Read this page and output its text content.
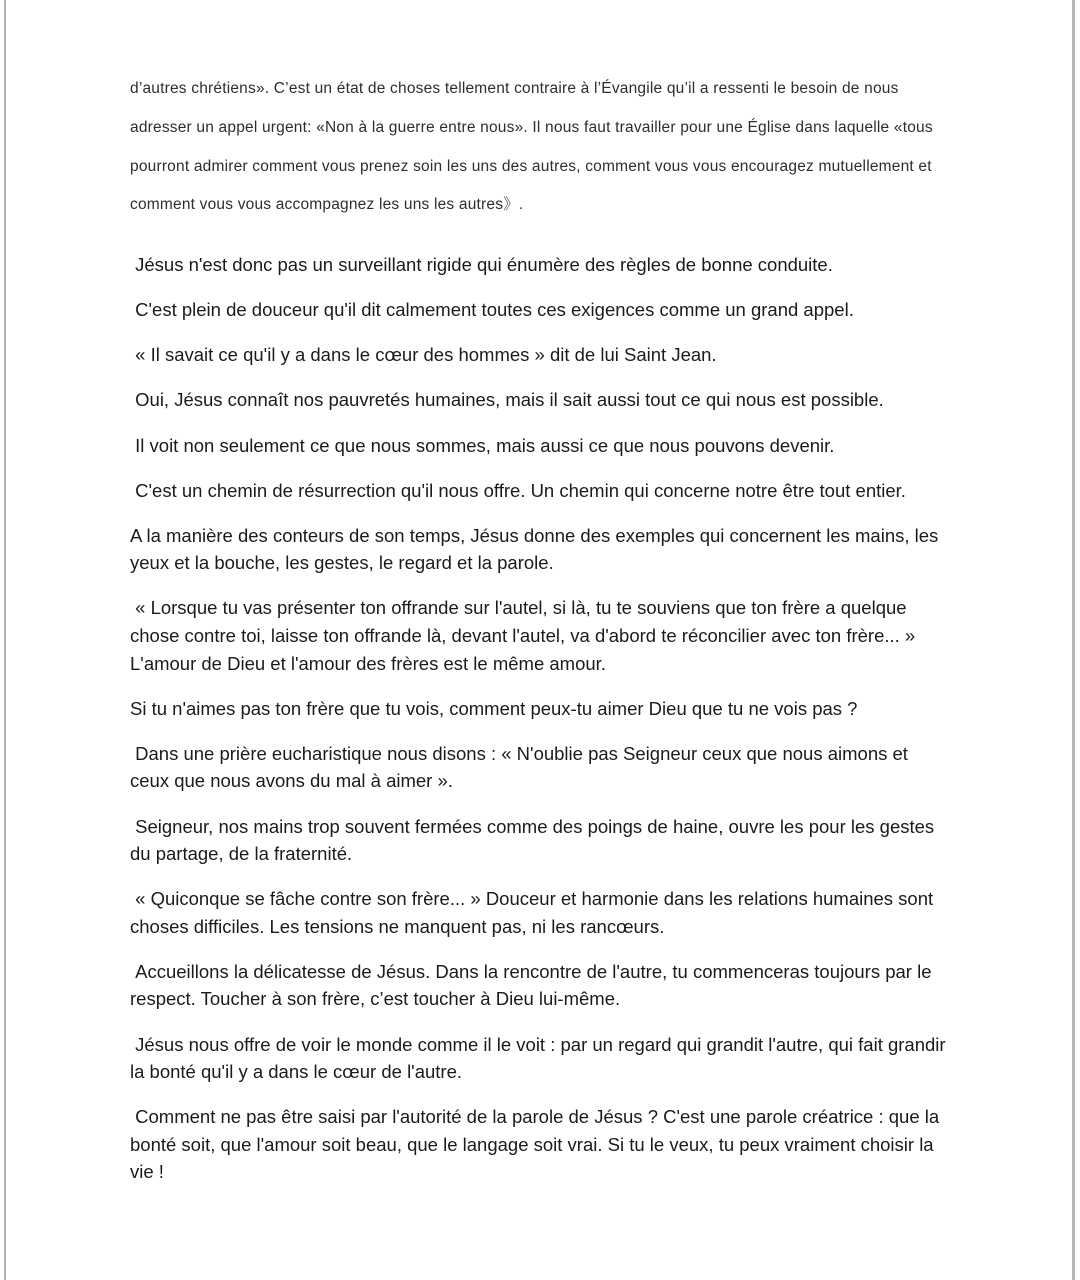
d’autres chrétiens». C’est un état de choses tellement contraire à l’Évangile qu’il a ressenti le besoin de nous adresser un appel urgent: «Non à la guerre entre nous». Il nous faut travailler pour une Église dans laquelle «tous pourront admirer comment vous prenez soin les uns des autres, comment vous vous encouragez mutuellement et comment vous vous accompagnez les uns les autres》.

Jésus n'est donc pas un surveillant rigide qui énumère des règles de bonne conduite.

C'est plein de douceur qu'il dit calmement toutes ces exigences comme un grand appel.

« Il savait ce qu'il y a dans le cœur des hommes » dit de lui Saint Jean.

Oui, Jésus connaît nos pauvretés humaines, mais il sait aussi tout ce qui nous est possible.

Il voit non seulement ce que nous sommes, mais aussi ce que nous pouvons devenir.

C'est un chemin de résurrection qu'il nous offre. Un chemin qui concerne notre être tout entier.

A la manière des conteurs de son temps, Jésus donne des exemples qui concernent les mains, les yeux et la bouche, les gestes, le regard et la parole.

« Lorsque tu vas présenter ton offrande sur l'autel, si là, tu te souviens que ton frère a quelque chose contre toi, laisse ton offrande là, devant l'autel, va d'abord te réconcilier avec ton frère... » L'amour de Dieu et l'amour des frères est le même amour.

Si tu n'aimes pas ton frère que tu vois, comment peux-tu aimer Dieu que tu ne vois pas ?

Dans une prière eucharistique nous disons : « N'oublie pas Seigneur ceux que nous aimons et ceux que nous avons du mal à aimer ».

Seigneur, nos mains trop souvent fermées comme des poings de haine, ouvre les pour les gestes du partage, de la fraternité.

« Quiconque se fâche contre son frère... » Douceur et harmonie dans les relations humaines sont choses difficiles. Les tensions ne manquent pas, ni les rancœurs.

Accueillons la délicatesse de Jésus. Dans la rencontre de l'autre, tu commenceras toujours par le respect. Toucher à son frère, c’est toucher à Dieu lui-même.

Jésus nous offre de voir le monde comme il le voit : par un regard qui grandit l'autre, qui fait grandir la bonté qu'il y a dans le cœur de l'autre.

Comment ne pas être saisi par l'autorité de la parole de Jésus ? C'est une parole créatrice : que la bonté soit, que l'amour soit beau, que le langage soit vrai. Si tu le veux, tu peux vraiment choisir la vie !
